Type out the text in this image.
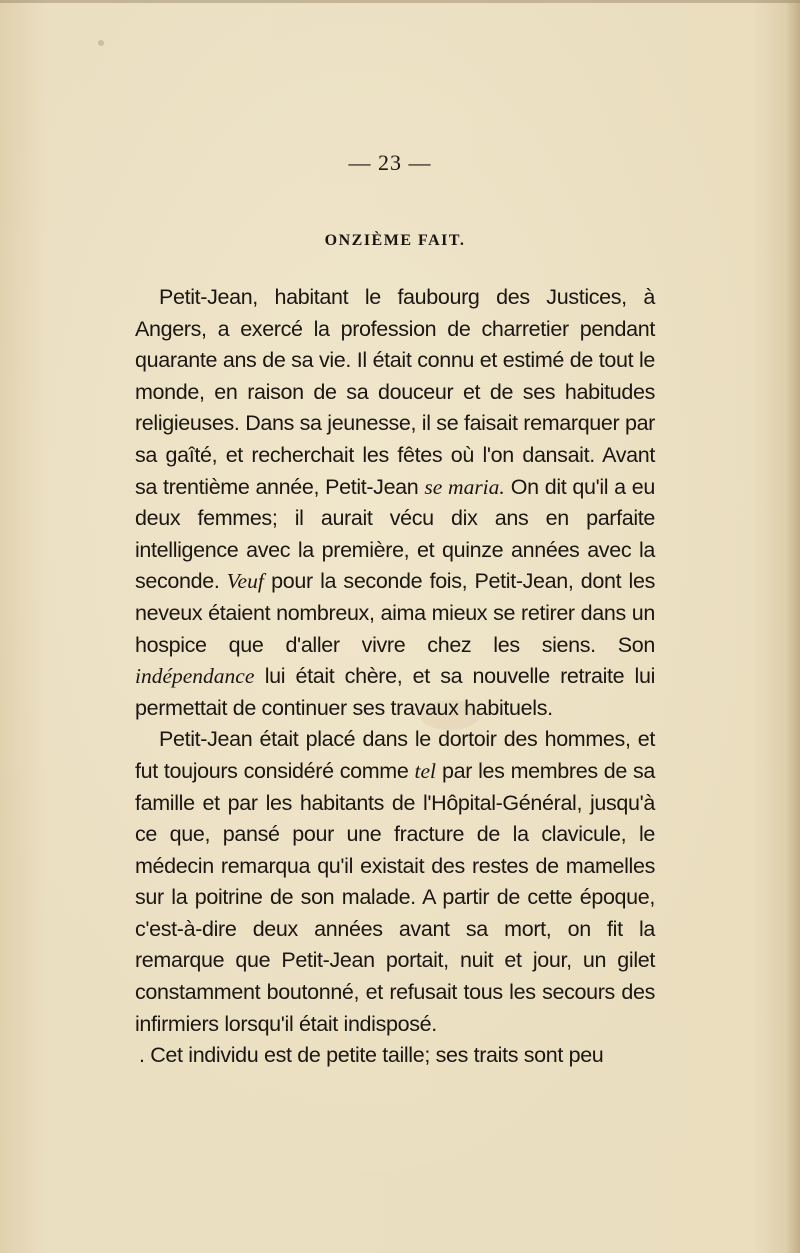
— 23 —
ONZIÈME FAIT.

Petit-Jean, habitant le faubourg des Justices, à Angers, a exercé la profession de charretier pendant quarante ans de sa vie. Il était connu et estimé de tout le monde, en raison de sa douceur et de ses habitudes religieuses. Dans sa jeunesse, il se faisait remarquer par sa gaîté, et recherchait les fêtes où l'on dansait. Avant sa trentième année, Petit-Jean se maria. On dit qu'il a eu deux femmes; il aurait vécu dix ans en parfaite intelligence avec la première, et quinze années avec la seconde. Veuf pour la seconde fois, Petit-Jean, dont les neveux étaient nombreux, aima mieux se retirer dans un hospice que d'aller vivre chez les siens. Son indépendance lui était chère, et sa nouvelle retraite lui permettait de continuer ses travaux habituels.

Petit-Jean était placé dans le dortoir des hommes, et fut toujours considéré comme tel par les membres de sa famille et par les habitants de l'Hôpital-Général, jusqu'à ce que, pansé pour une fracture de la clavicule, le médecin remarqua qu'il existait des restes de mamelles sur la poitrine de son malade. A partir de cette époque, c'est-à-dire deux années avant sa mort, on fit la remarque que Petit-Jean portait, nuit et jour, un gilet constamment boutonné, et refusait tous les secours des infirmiers lorsqu'il était indisposé.

. Cet individu est de petite taille; ses traits sont peu
